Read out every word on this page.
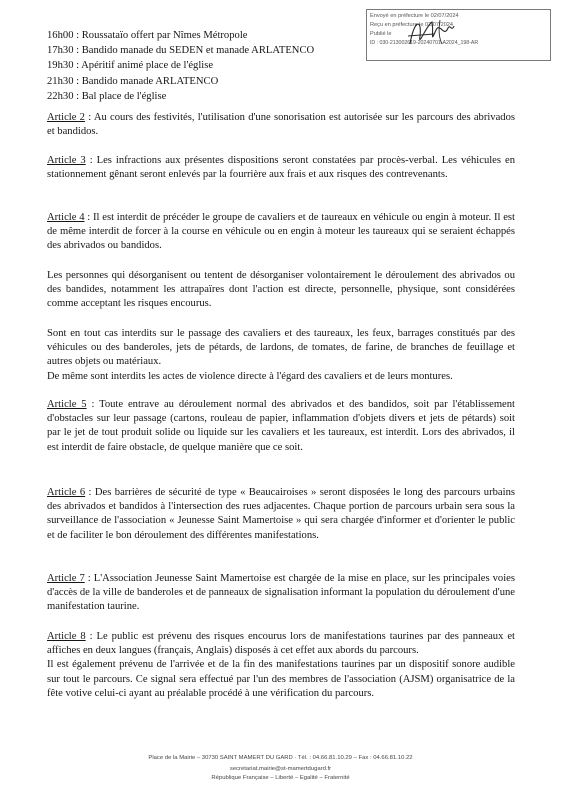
Envoyé en préfecture le 02/07/2024
Reçu en préfecture le 02/07/2024
Publié le
ID : 030-213002619-20240701-A2024_198-AR
16h00 : Roussataïo offert par Nîmes Métropole
17h30 : Bandido manade du SEDEN et manade ARLATENCO
19h30 : Apéritif animé place de l'église
21h30 : Bandido manade ARLATENCO
22h30 : Bal place de l'église

Article 2 : Au cours des festivités, l'utilisation d'une sonorisation est autorisée sur les parcours des abrivados et bandidos.

Article 3 : Les infractions aux présentes dispositions seront constatées par procès-verbal. Les véhicules en stationnement gênant seront enlevés par la fourrière aux frais et aux risques des contrevenants.

Article 4 : Il est interdit de précéder le groupe de cavaliers et de taureaux en véhicule ou engin à moteur. Il est de même interdit de forcer à la course en véhicule ou en engin à moteur les taureaux qui se seraient échappés des abrivados ou bandidos.

Les personnes qui désorganisent ou tentent de désorganiser volontairement le déroulement des abrivados ou des bandides, notamment les attrapaïres dont l'action est directe, personnelle, physique, sont considérées comme acceptant les risques encourus.

Sont en tout cas interdits sur le passage des cavaliers et des taureaux, les feux, barrages constitués par des véhicules ou des banderoles, jets de pétards, de lardons, de tomates, de farine, de branches de feuillage et autres objets ou matériaux.
De même sont interdits les actes de violence directe à l'égard des cavaliers et de leurs montures.

Article 5 : Toute entrave au déroulement normal des abrivados et des bandidos, soit par l'établissement d'obstacles sur leur passage (cartons, rouleau de papier, inflammation d'objets divers et jets de pétards) soit par le jet de tout produit solide ou liquide sur les cavaliers et les taureaux, est interdit. Lors des abrivados, il est interdit de faire obstacle, de quelque manière que ce soit.

Article 6 : Des barrières de sécurité de type « Beaucairoises » seront disposées le long des parcours urbains des abrivados et bandidos à l'intersection des rues adjacentes. Chaque portion de parcours urbain sera sous la surveillance de l'association « Jeunesse Saint Mamertoise » qui sera chargée d'informer et d'orienter le public et de faciliter le bon déroulement des différentes manifestations.

Article 7 : L'Association Jeunesse Saint Mamertoise est chargée de la mise en place, sur les principales voies d'accès de la ville de banderoles et de panneaux de signalisation informant la population du déroulement d'une manifestation taurine.

Article 8 : Le public est prévenu des risques encourus lors de manifestations taurines par des panneaux et affiches en deux langues (français, Anglais) disposés à cet effet aux abords du parcours.
Il est également prévenu de l'arrivée et de la fin des manifestations taurines par un dispositif sonore audible sur tout le parcours. Ce signal sera effectué par l'un des membres de l'association (AJSM) organisatrice de la fête votive celui-ci ayant au préalable procédé à une vérification du parcours.
Place de la Mairie – 30730 SAINT MAMERT DU GARD · Tél. : 04.66.81.10.29 – Fax : 04.66.81.10.22
secretariat.mairie@st-mamertdugard.fr
République Française – Liberté – Egalité – Fraternité
